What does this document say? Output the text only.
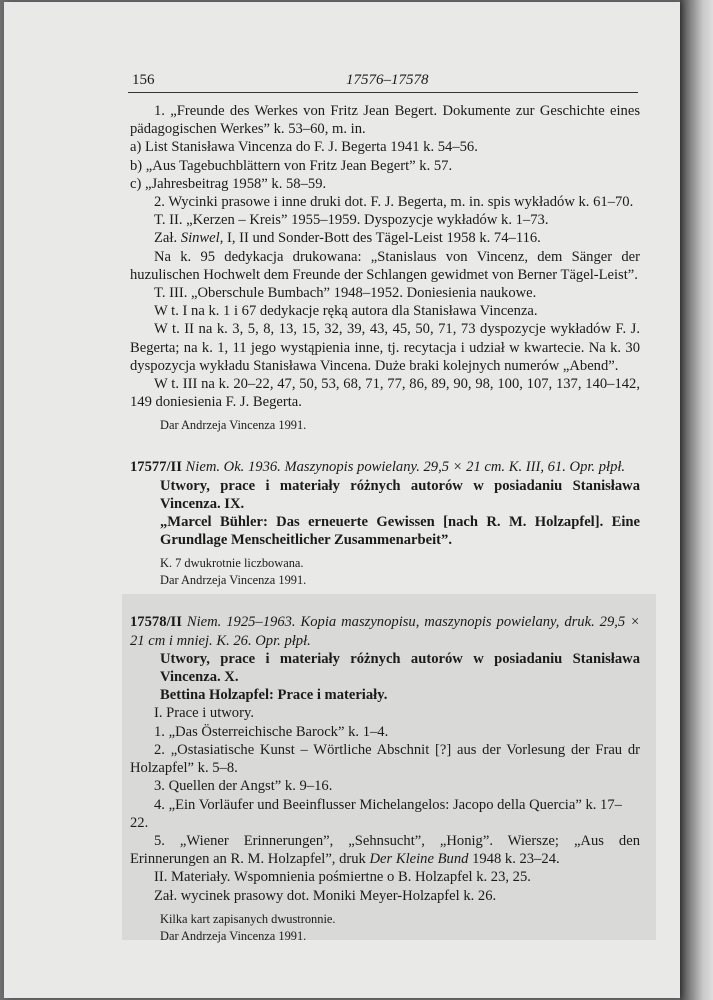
156	17576–17578

1. „Freunde des Werkes von Fritz Jean Begert. Dokumente zur Geschichte eines pädagogischen Werkes” k. 53–60, m. in.

a) List Stanisława Vincenza do F. J. Begerta 1941 k. 54–56.

b) „Aus Tagebuchblättern von Fritz Jean Begert” k. 57.

c) „Jahresbeitrag 1958” k. 58–59.

2. Wycinki prasowe i inne druki dot. F. J. Begerta, m. in. spis wykładów k. 61–70.

T. II. „Kerzen – Kreis” 1955–1959. Dyspozycje wykładów k. 1–73.

Zał. Sinwel, I, II und Sonder-Bott des Tägel-Leist 1958 k. 74–116.

Na k. 95 dedykacja drukowana: „Stanislaus von Vincenz, dem Sänger der huzulischen Hochwelt dem Freunde der Schlangen gewidmet von Berner Tägel-Leist”.

T. III. „Oberschule Bumbach” 1948–1952. Doniesienia naukowe.

W t. I na k. 1 i 67 dedykacje ręką autora dla Stanisława Vincenza.

W t. II na k. 3, 5, 8, 13, 15, 32, 39, 43, 45, 50, 71, 73 dyspozycje wykładów F. J. Begerta; na k. 1, 11 jego wystąpienia inne, tj. recytacja i udział w kwartecie. Na k. 30 dyspozycja wykładu Stanisława Vincena. Duże braki kolejnych numerów „Abend”.

W t. III na k. 20–22, 47, 50, 53, 68, 71, 77, 86, 89, 90, 98, 100, 107, 137, 140–142, 149 doniesienia F. J. Begerta.

Dar Andrzeja Vincenza 1991.

17577/II Niem. Ok. 1936. Maszynopis powielany. 29,5 × 21 cm. K. III, 61. Opr. płpł.

Utwory, prace i materiały różnych autorów w posiadaniu Stanisława Vincenza. IX.

„Marcel Bühler: Das erneuerte Gewissen [nach R. M. Holzapfel]. Eine Grundlage Menscheitlicher Zusammenarbeit”.

K. 7 dwukrotnie liczbowana.

Dar Andrzeja Vincenza 1991.

17578/II Niem. 1925–1963. Kopia maszynopisu, maszynopis powielany, druk. 29,5 × 21 cm i mniej. K. 26. Opr. płpł.

Utwory, prace i materiały różnych autorów w posiadaniu Stanisława Vincenza. X.

Bettina Holzapfel: Prace i materiały.

I. Prace i utwory.

1. „Das Österreichische Barock” k. 1–4.

2. „Ostasiatische Kunst – Wörtliche Abschnit [?] aus der Vorlesung der Frau dr Holzapfel” k. 5–8.

3. Quellen der Angst” k. 9–16.

4. „Ein Vorläufer und Beeinflusser Michelangelos: Jacopo della Quercia” k. 17–22.

5. „Wiener Erinnerungen”, „Sehnsucht”, „Honig”. Wiersze; „Aus den Erinnerungen an R. M. Holzapfel”, druk Der Kleine Bund 1948 k. 23–24.

II. Materiały. Wspomnienia pośmiertne o B. Holzapfel k. 23, 25.

Zał. wycinek prasowy dot. Moniki Meyer-Holzapfel k. 26.

Kilka kart zapisanych dwustronnie.

Dar Andrzeja Vincenza 1991.
